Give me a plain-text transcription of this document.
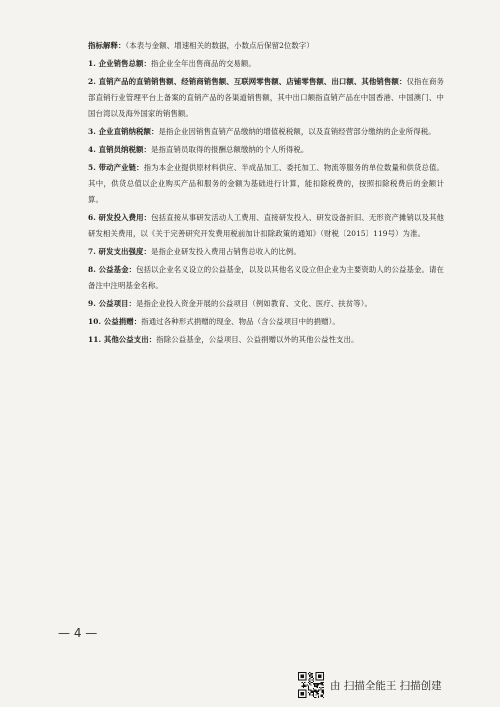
指标解释：（本表与金额、增速相关的数据，小数点后保留2位数字）
1. 企业销售总额：指企业全年出售商品的交易额。
2. 直销产品的直销销售额、经销商销售额、互联网零售额、店铺零售额、出口额、其他销售额：仅指在商务部直销行业管理平台上备案的直销产品的各渠道销售额，其中出口额指直销产品在中国香港、中国澳门、中国台湾以及海外国家的销售额。
3. 企业直销纳税额：是指企业因销售直销产品缴纳的增值税税额，以及直销经营部分缴纳的企业所得税。
4. 直销员纳税额：是指直销员取得的报酬总额缴纳的个人所得税。
5. 带动产业链：指为本企业提供原材料供应、半成品加工、委托加工、物流等服务的单位数量和供货总值。其中，供货总值以企业购买产品和服务的金额为基础进行计算，能扣除税费的，按照扣除税费后的金额计算。
6. 研发投入费用：包括直接从事研发活动人工费用、直接研发投入、研发设备折旧、无形资产摊销以及其他研发相关费用，以《关于完善研究开发费用税前加计扣除政策的通知》（财税〔2015〕119号）为准。
7. 研发支出强度：是指企业研发投入费用占销售总收入的比例。
8. 公益基金：包括以企业名义设立的公益基金，以及以其他名义设立但企业为主要资助人的公益基金。请在备注中注明基金名称。
9. 公益项目：是指企业投入资金开展的公益项目（例如教育、文化、医疗、扶贫等）。
10. 公益捐赠：指通过各种形式捐赠的现金、物品（含公益项目中的捐赠）。
11. 其他公益支出：指除公益基金，公益项目、公益捐赠以外的其他公益性支出。
— 4 —
由 扫描全能王 扫描创建
